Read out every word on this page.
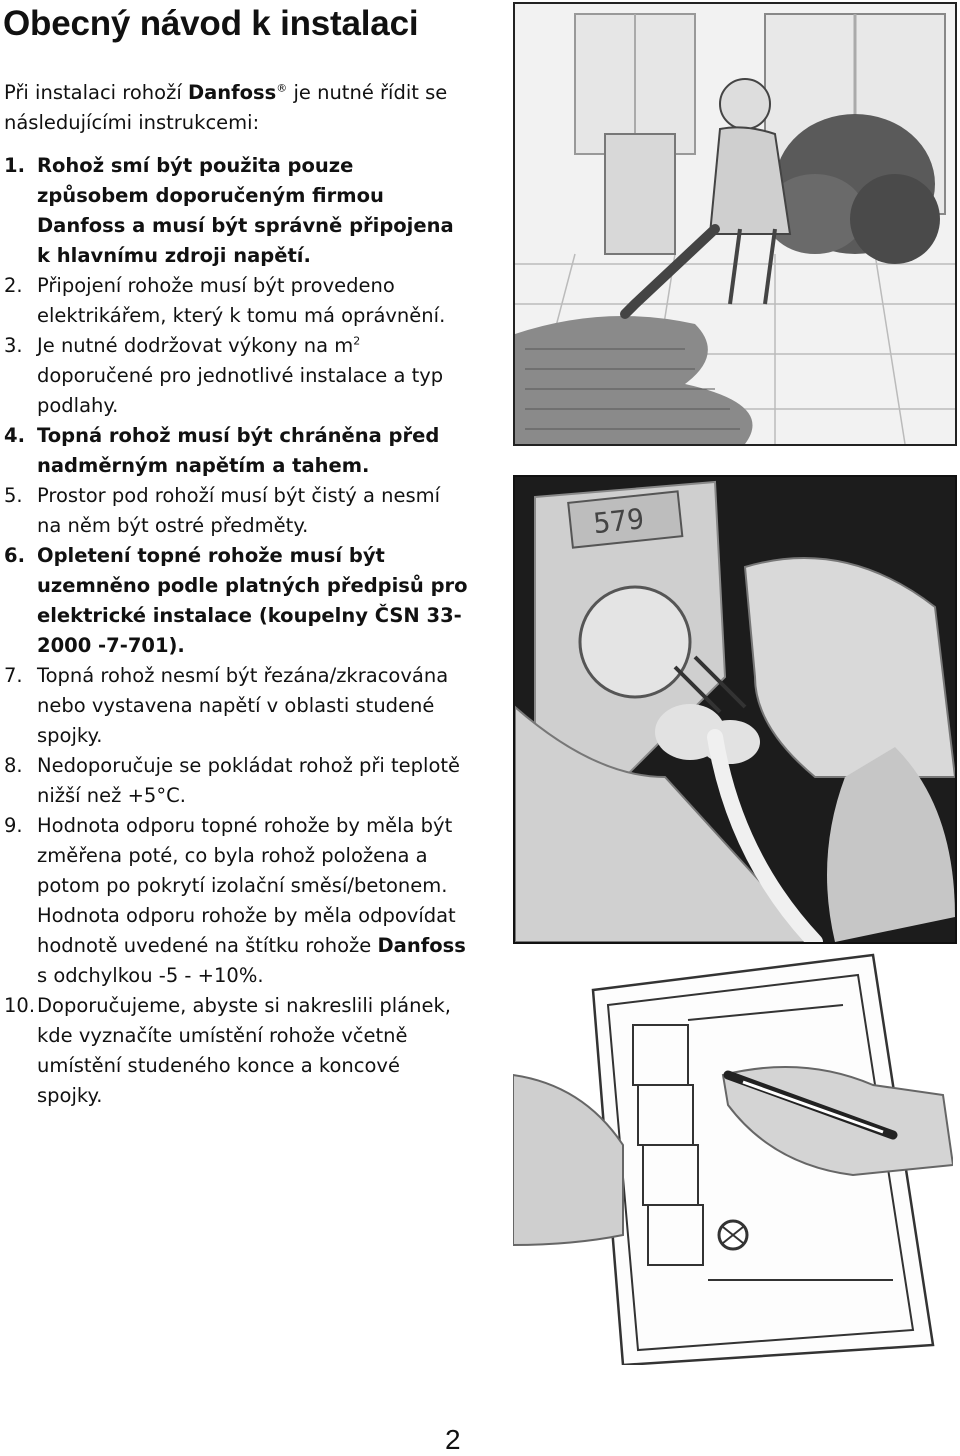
Obecný návod k instalaci

Při instalaci rohoží Danfoss® je nutné řídit se následujícími instrukcemi:

1. Rohož smí být použita pouze způsobem doporučeným firmou Danfoss a musí být správně připojena k hlavnímu zdroji napětí.
2. Připojení rohože musí být provedeno elektrikářem, který k tomu má oprávnění.
3. Je nutné dodržovat výkony na $m^2$ doporučené pro jednotlivé instalace a typ podlahy.
4. Topná rohož musí být chráněna před nadměrným napětím a tahem.
5. Prostor pod rohoží musí být čistý a nesmí na něm být ostré předměty.
6. Opletení topné rohože musí být uzemněno podle platných předpisů pro elektrické instalace (koupelny ČSN 33-2000 -7-701).
7. Topná rohož nesmí být řezána/zkracována nebo vystavena napětí v oblasti studené spojky.
8. Nedoporučuje se pokládat rohož při teplotě nižší než +5°C.
9. Hodnota odporu topné rohože by měla být změřena poté, co byla rohož položena a potom po pokrytí izolační směsí/betonem. Hodnota odporu rohože by měla odpovídat hodnotě uvedené na štítku rohože Danfoss s odchylkou -5 - +10%.
10. Doporučujeme, abyste si nakreslili plánek, kde vyznačíte umístění rohože včetně umístění studeného konce a koncové spojky.
579
2
